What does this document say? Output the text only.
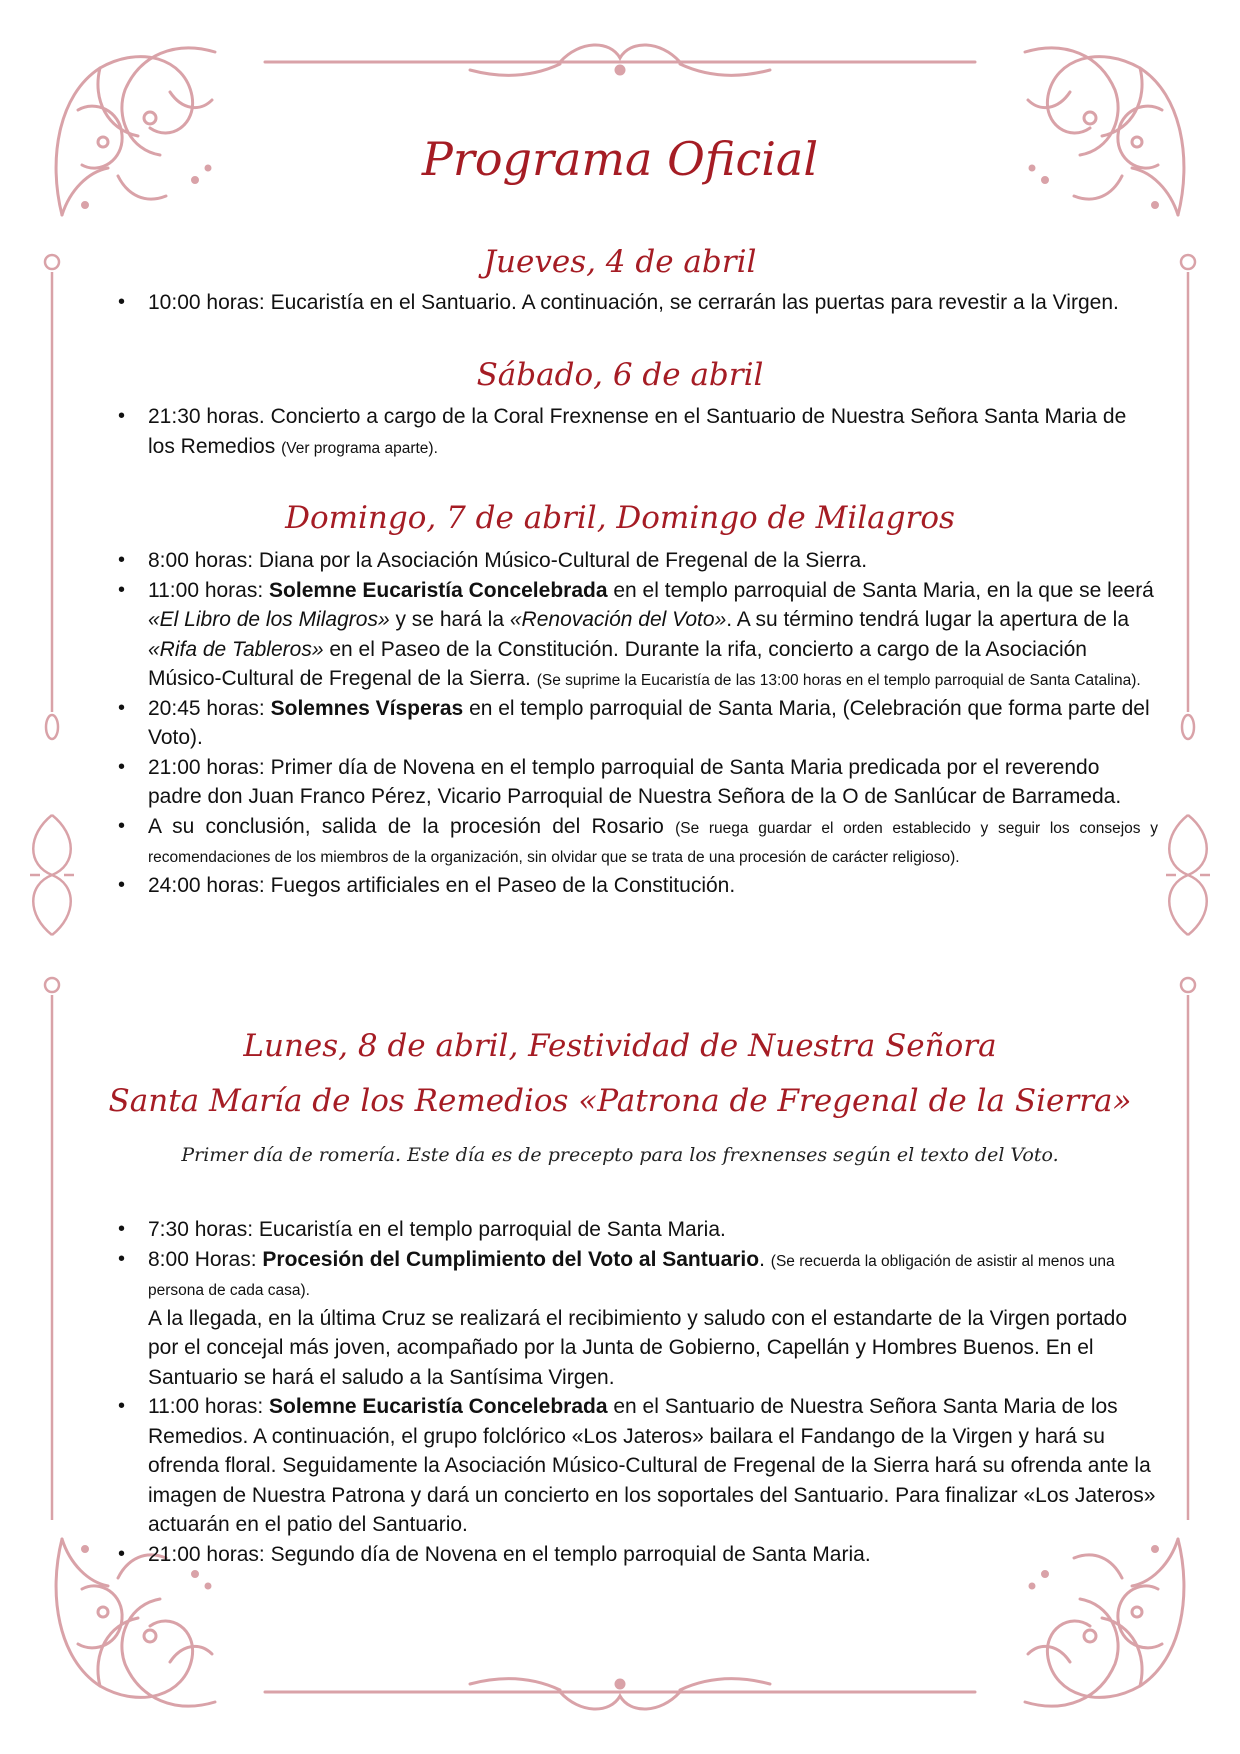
Programa Oficial
Jueves, 4 de abril
• 10:00 horas: Eucaristía en el Santuario. A continuación, se cerrarán las puertas para revestir a la Virgen.
Sábado, 6 de abril
• 21:30 horas. Concierto a cargo de la Coral Frexnense en el Santuario de Nuestra Señora Santa Maria de los Remedios (Ver programa aparte).
Domingo, 7 de abril, Domingo de Milagros
• 8:00 horas: Diana por la Asociación Músico-Cultural de Fregenal de la Sierra.
• 11:00 horas: Solemne Eucaristía Concelebrada en el templo parroquial de Santa Maria, en la que se leerá «El Libro de los Milagros» y se hará la «Renovación del Voto». A su término tendrá lugar la apertura de la «Rifa de Tableros» en el Paseo de la Constitución. Durante la rifa, concierto a cargo de la Asociación Músico-Cultural de Fregenal de la Sierra. (Se suprime la Eucaristía de las 13:00 horas en el templo parroquial de Santa Catalina).
• 20:45 horas: Solemnes Vísperas en el templo parroquial de Santa Maria, (Celebración que forma parte del Voto).
• 21:00 horas: Primer día de Novena en el templo parroquial de Santa Maria predicada por el reverendo padre don Juan Franco Pérez, Vicario Parroquial de Nuestra Señora de la O de Sanlúcar de Barrameda.
• A su conclusión, salida de la procesión del Rosario (Se ruega guardar el orden establecido y seguir los consejos y recomendaciones de los miembros de la organización, sin olvidar que se trata de una procesión de carácter religioso).
• 24:00 horas: Fuegos artificiales en el Paseo de la Constitución.
Lunes, 8 de abril, Festividad de Nuestra Señora
Santa María de los Remedios «Patrona de Fregenal de la Sierra»
Primer día de romería. Este día es de precepto para los frexnenses según el texto del Voto.
• 7:30 horas: Eucaristía en el templo parroquial de Santa Maria.
• 8:00 Horas: Procesión del Cumplimiento del Voto al Santuario. (Se recuerda la obligación de asistir al menos una persona de cada casa).
A la llegada, en la última Cruz se realizará el recibimiento y saludo con el estandarte de la Virgen portado por el concejal más joven, acompañado por la Junta de Gobierno, Capellán y Hombres Buenos. En el Santuario se hará el saludo a la Santísima Virgen.
• 11:00 horas: Solemne Eucaristía Concelebrada en el Santuario de Nuestra Señora Santa Maria de los Remedios. A continuación, el grupo folclórico «Los Jateros» bailara el Fandango de la Virgen y hará su ofrenda floral. Seguidamente la Asociación Músico-Cultural de Fregenal de la Sierra hará su ofrenda ante la imagen de Nuestra Patrona y dará un concierto en los soportales del Santuario. Para finalizar «Los Jateros» actuarán en el patio del Santuario.
• 21:00 horas: Segundo día de Novena en el templo parroquial de Santa Maria.
